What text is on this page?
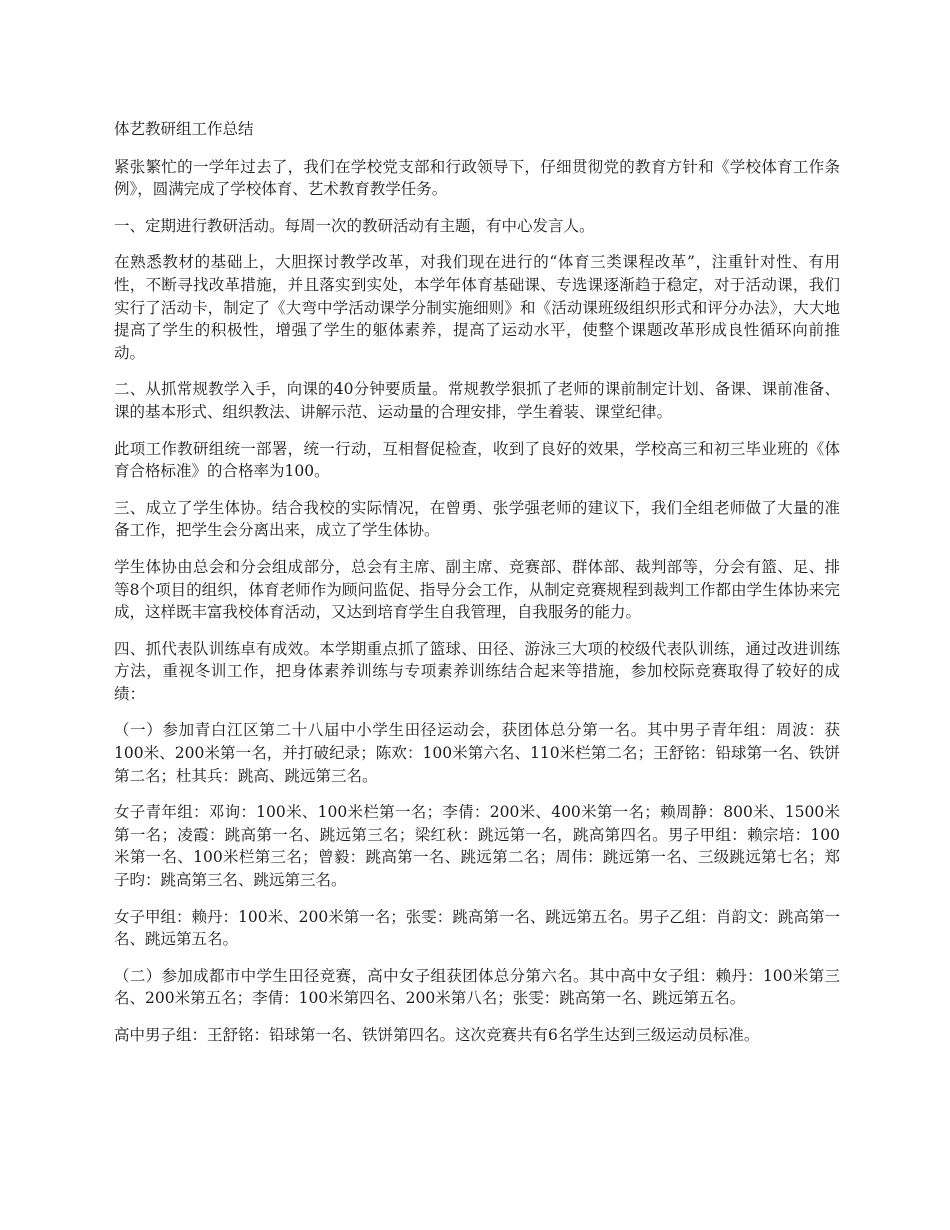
体艺教研组工作总结

紧张繁忙的一学年过去了，我们在学校党支部和行政领导下，仔细贯彻党的教育方针和《学校体育工作条例》，圆满完成了学校体育、艺术教育教学任务。

一、定期进行教研活动。每周一次的教研活动有主题，有中心发言人。

在熟悉教材的基础上，大胆探讨教学改革，对我们现在进行的“体育三类课程改革”，注重针对性、有用性，不断寻找改革措施，并且落实到实处，本学年体育基础课、专选课逐渐趋于稳定，对于活动课，我们实行了活动卡，制定了《大弯中学活动课学分制实施细则》和《活动课班级组织形式和评分办法》，大大地提高了学生的积极性，增强了学生的躯体素养，提高了运动水平，使整个课题改革形成良性循环向前推动。

二、从抓常规教学入手，向课的40分钟要质量。常规教学狠抓了老师的课前制定计划、备课、课前准备、课的基本形式、组织教法、讲解示范、运动量的合理安排，学生着装、课堂纪律。

此项工作教研组统一部署，统一行动，互相督促检查，收到了良好的效果，学校高三和初三毕业班的《体育合格标准》的合格率为100。

三、成立了学生体协。结合我校的实际情况，在曾勇、张学强老师的建议下，我们全组老师做了大量的准备工作，把学生会分离出来，成立了学生体协。

学生体协由总会和分会组成部分，总会有主席、副主席、竞赛部、群体部、裁判部等，分会有篮、足、排等8个项目的组织，体育老师作为顾问监促、指导分会工作，从制定竞赛规程到裁判工作都由学生体协来完成，这样既丰富我校体育活动，又达到培育学生自我管理，自我服务的能力。

四、抓代表队训练卓有成效。本学期重点抓了篮球、田径、游泳三大项的校级代表队训练，通过改进训练方法，重视冬训工作，把身体素养训练与专项素养训练结合起来等措施，参加校际竞赛取得了较好的成绩：

（一）参加青白江区第二十八届中小学生田径运动会，获团体总分第一名。其中男子青年组：周波：获100米、200米第一名，并打破纪录；陈欢：100米第六名、110米栏第二名；王舒铭：铅球第一名、铁饼第二名；杜其兵：跳高、跳远第三名。

女子青年组：邓询：100米、100米栏第一名；李倩：200米、400米第一名；赖周静：800米、1500米第一名；凌霞：跳高第一名、跳远第三名；梁红秋：跳远第一名，跳高第四名。男子甲组：赖宗培：100米第一名、100米栏第三名；曾毅：跳高第一名、跳远第二名；周伟：跳远第一名、三级跳远第七名；郑子昀：跳高第三名、跳远第三名。

女子甲组：赖丹：100米、200米第一名；张雯：跳高第一名、跳远第五名。男子乙组：肖韵文：跳高第一名、跳远第五名。

（二）参加成都市中学生田径竞赛，高中女子组获团体总分第六名。其中高中女子组：赖丹：100米第三名、200米第五名；李倩：100米第四名、200米第八名；张雯：跳高第一名、跳远第五名。

高中男子组：王舒铭：铅球第一名、铁饼第四名。这次竞赛共有6名学生达到三级运动员标准。
